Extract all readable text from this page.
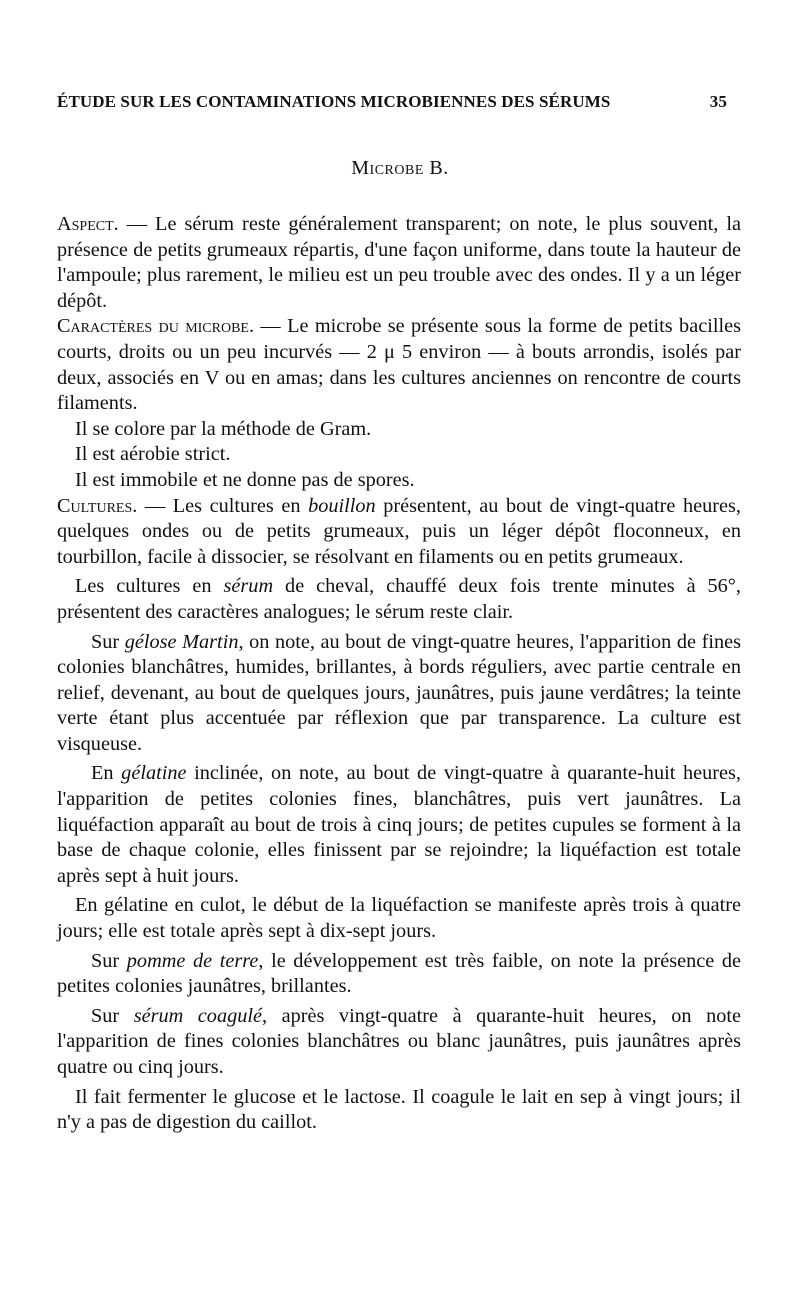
ÉTUDE SUR LES CONTAMINATIONS MICROBIENNES DES SÉRUMS	35
Microbe B.

Aspect. — Le sérum reste généralement transparent; on note, le plus souvent, la présence de petits grumeaux répartis, d'une façon uniforme, dans toute la hauteur de l'ampoule; plus rarement, le milieu est un peu trouble avec des ondes. Il y a un léger dépôt.

Caractères du microbe. — Le microbe se présente sous la forme de petits bacilles courts, droits ou un peu incurvés — 2 μ 5 environ — à bouts arrondis, isolés par deux, associés en V ou en amas; dans les cultures anciennes on rencontre de courts filaments.

Il se colore par la méthode de Gram.

Il est aérobie strict.

Il est immobile et ne donne pas de spores.

Cultures. — Les cultures en bouillon présentent, au bout de vingt-quatre heures, quelques ondes ou de petits grumeaux, puis un léger dépôt floconneux, en tourbillon, facile à dissocier, se résolvant en filaments ou en petits grumeaux.

Les cultures en sérum de cheval, chauffé deux fois trente minutes à 56°, présentent des caractères analogues; le sérum reste clair.

Sur gélose Martin, on note, au bout de vingt-quatre heures, l'apparition de fines colonies blanchâtres, humides, brillantes, à bords réguliers, avec partie centrale en relief, devenant, au bout de quelques jours, jaunâtres, puis jaune verdâtres; la teinte verte étant plus accentuée par réflexion que par transparence. La culture est visqueuse.

En gélatine inclinée, on note, au bout de vingt-quatre à quarante-huit heures, l'apparition de petites colonies fines, blanchâtres, puis vert jaunâtres. La liquéfaction apparaît au bout de trois à cinq jours; de petites cupules se forment à la base de chaque colonie, elles finissent par se rejoindre; la liquéfaction est totale après sept à huit jours.

En gélatine en culot, le début de la liquéfaction se manifeste après trois à quatre jours; elle est totale après sept à dix-sept jours.

Sur pomme de terre, le développement est très faible, on note la présence de petites colonies jaunâtres, brillantes.

Sur sérum coagulé, après vingt-quatre à quarante-huit heures, on note l'apparition de fines colonies blanchâtres ou blanc jaunâtres, puis jaunâtres après quatre ou cinq jours.

Il fait fermenter le glucose et le lactose. Il coagule le lait en sep à vingt jours; il n'y a pas de digestion du caillot.
